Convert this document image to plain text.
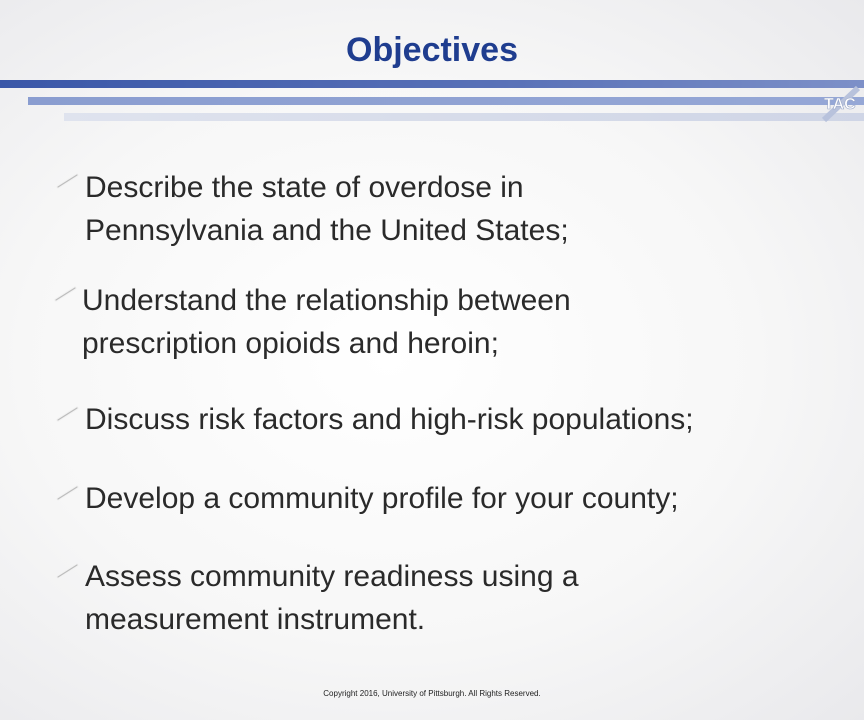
Objectives
TAC
Describe the state of overdose in
Pennsylvania and the United States;
Understand the relationship between
prescription opioids and heroin;
Discuss risk factors and high-risk populations;
Develop a community profile for your county;
Assess community readiness using a
measurement instrument.
Copyright 2016, University of Pittsburgh. All Rights Reserved.
